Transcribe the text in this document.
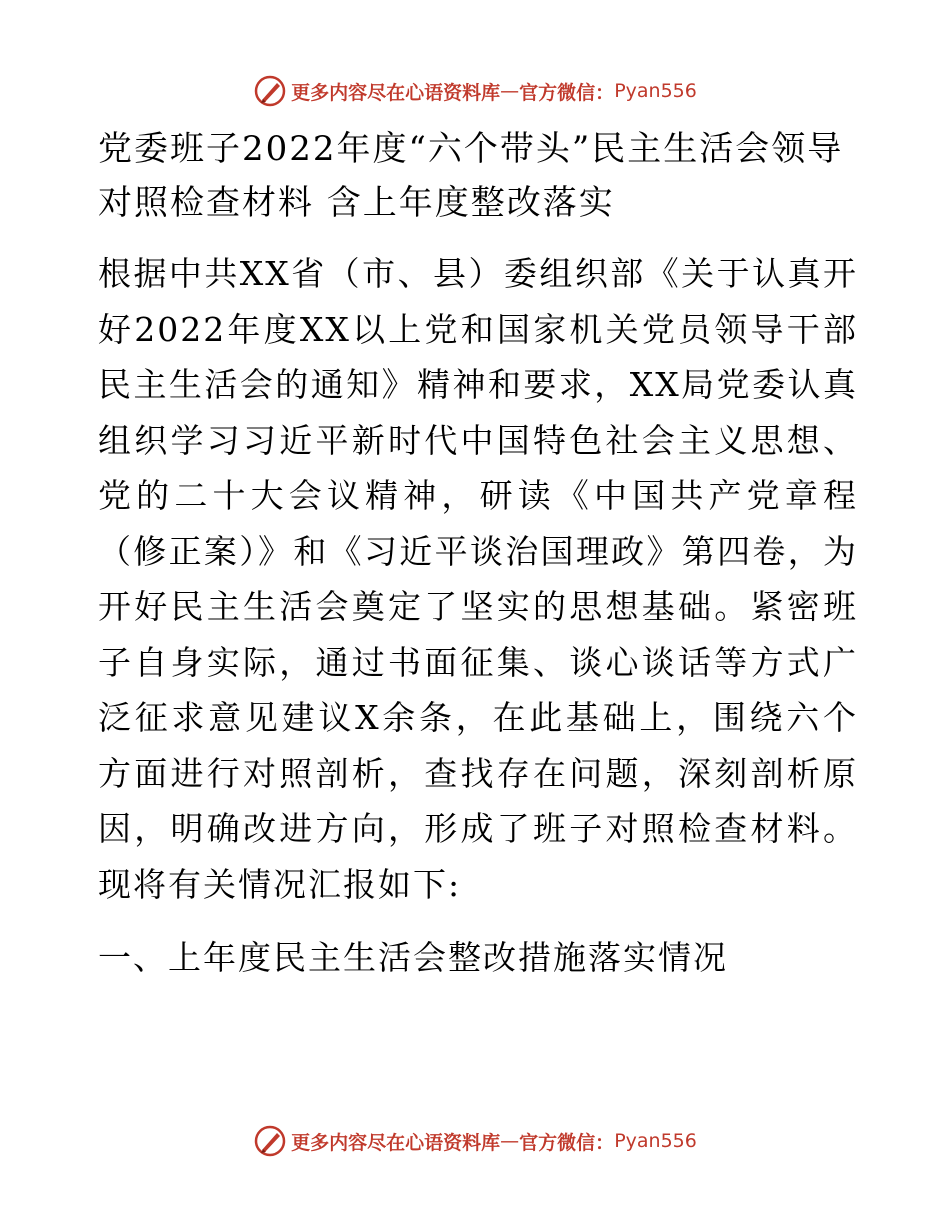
更多内容尽在心语资料库 — 官方微信： Pyan556
党委班子2022年度“六个带头”民主生活会领导对照检查材料 含上年度整改落实

根据中共XX省（市、县）委组织部《关于认真开好2022年度XX以上党和国家机关党员领导干部民主生活会的通知》精神和要求，XX局党委认真组织学习习近平新时代中国特色社会主义思想、党的二十大会议精神，研读《中国共产党章程（修正案）》和《习近平谈治国理政》第四卷，为开好民主生活会奠定了坚实的思想基础。紧密班子自身实际，通过书面征集、谈心谈话等方式广泛征求意见建议X余条，在此基础上，围绕六个方面进行对照剖析，查找存在问题，深刻剖析原因，明确改进方向，形成了班子对照检查材料。现将有关情况汇报如下:

一、上年度民主生活会整改措施落实情况
更多内容尽在心语资料库 — 官方微信： Pyan556
